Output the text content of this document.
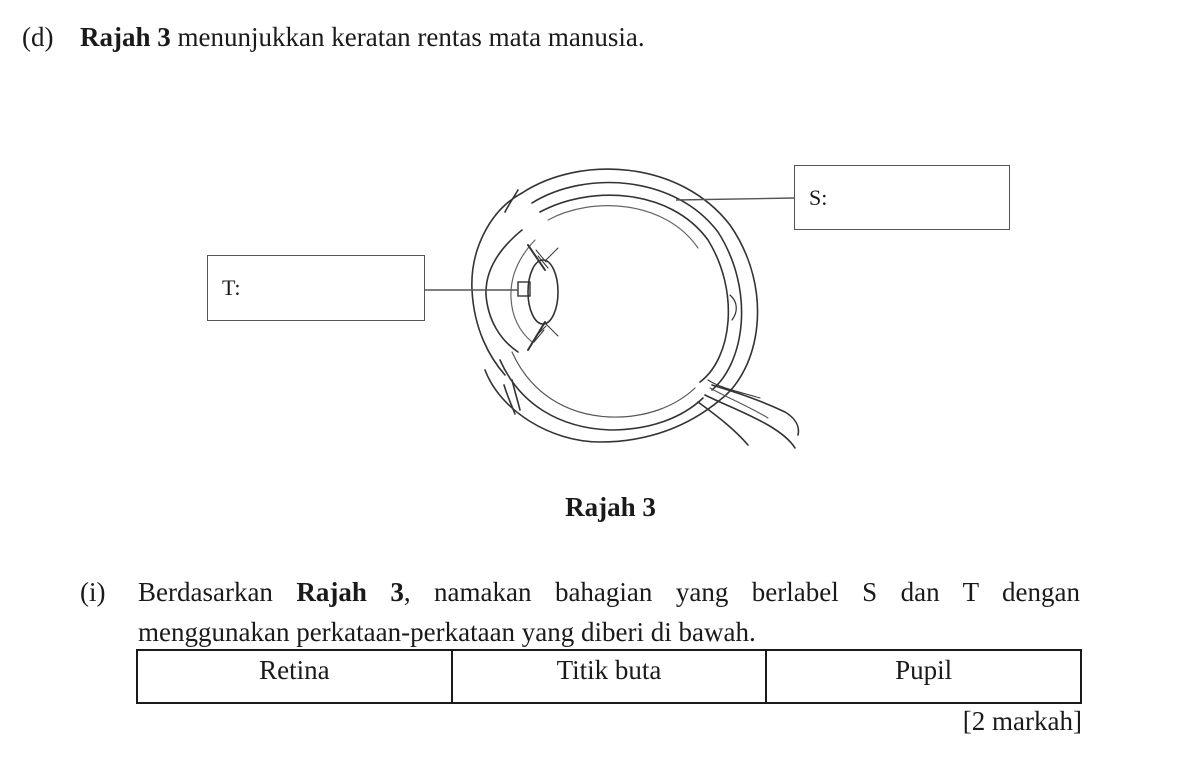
(d) Rajah 3 menunjukkan keratan rentas mata manusia.
T:
S:
Rajah 3
(i) Berdasarkan Rajah 3, namakan bahagian yang berlabel S dan T dengan
menggunakan perkataan-perkataan yang diberi di bawah.
Retina	Titik buta	Pupil
[2 markah]
